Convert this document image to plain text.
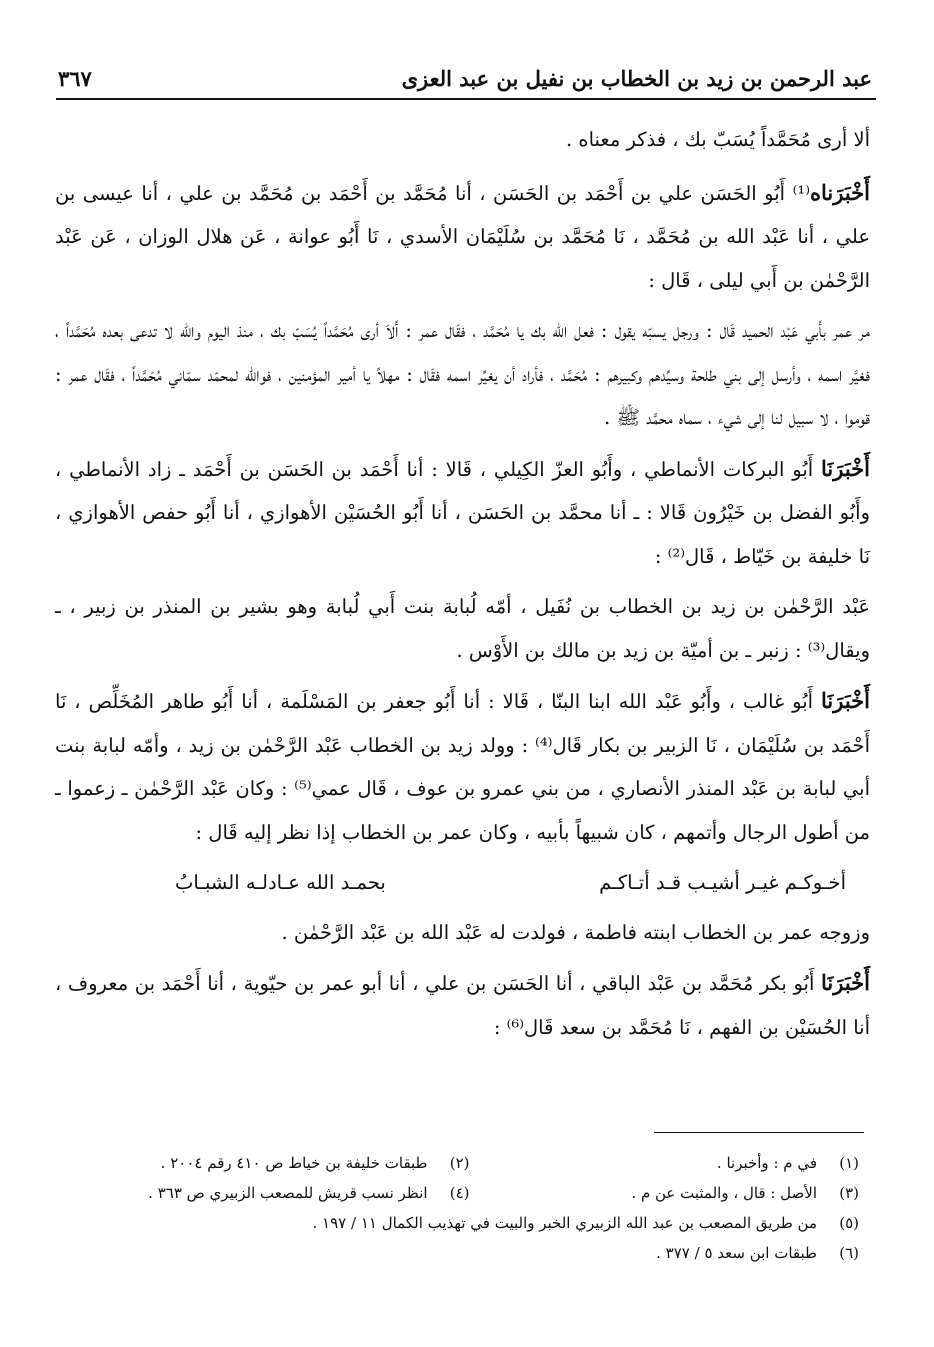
عبد الرحمن بن زيد بن الخطاب بن نفيل بن عبد العزى
٣٦٧

ألا أرى مُحَمَّداً يُسَبّ بك ، فذكر معناه .

أَخْبَرَناه⁽¹⁾ أَبُو الحَسَن علي بن أَحْمَد بن الحَسَن ، أنا مُحَمَّد بن أَحْمَد بن مُحَمَّد بن علي ، أنا عيسى بن علي ، أنا عَبْد الله بن مُحَمَّد ، نَا مُحَمَّد بن سُلَيْمَان الأسدي ، نَا أَبُو عوانة ، عَن هلال الوزان ، عَن عَبْد الرَّحْمٰن بن أَبي ليلى ، قَال :

مر عمر بأَبي عَبْد الحميد قَال : ورجل يسبّه يقول : فعل الله بك يا مُحَمَّد ، فقَال عمر : أَلاَ أرى مُحَمَّداً يُسَبّ بك ، منذ اليوم والله لا تدعى بعده مُحَمَّداً ، فغيَّر اسمه ، وأرسل إلى بني طلحة وسيِّدهم وكبيرهم : مُحَمَّد ، فأراد أن يغيِّر اسمه فقَال : مهلاً يا أمير المؤمنين ، فوالله لمحمّد سمّاني مُحَمَّداً ، فقَال عمر : قوموا ، لا سبيل لنا إلى شيء ، سماه محمَّد ﷺ .

أَخْبَرَنَا أَبُو البركات الأنماطي ، وأَبُو العزّ الكِيلي ، قَالا : أنا أَحْمَد بن الحَسَن بن أَحْمَد ـ زاد الأنماطي ، وأَبُو الفضل بن خَيْرُون قَالا : ـ أنا محمَّد بن الحَسَن ، أنا أَبُو الحُسَيْن الأهوازي ، أنا أَبُو حفص الأهوازي ، نَا خليفة بن خَيّاط ، قَال⁽²⁾ :

عَبْد الرَّحْمٰن بن زيد بن الخطاب بن نُفَيل ، أمّه لُبابة بنت أَبي لُبابة وهو بشير بن المنذر بن زبير ، ـ ويقال⁽³⁾ : زنبر ـ بن أميّة بن زيد بن مالك بن الأَوْس .

أَخْبَرَنَا أَبُو غالب ، وأَبُو عَبْد الله ابنا البنّا ، قَالا : أنا أَبُو جعفر بن المَسْلَمة ، أنا أَبُو طاهر المُخَلِّص ، نَا أَحْمَد بن سُلَيْمَان ، نَا الزبير بن بكار قَال⁽⁴⁾ : وولد زيد بن الخطاب عَبْد الرَّحْمٰن بن زيد ، وأمّه لبابة بنت أبي لبابة بن عَبْد المنذر الأنصاري ، من بني عمرو بن عوف ، قَال عمي⁽⁵⁾ : وكان عَبْد الرَّحْمٰن ـ زعموا ـ من أطول الرجال وأتمهم ، كان شبيهاً بأبيه ، وكان عمر بن الخطاب إذا نظر إليه قَال :

أخـوكـم غيـر أشيـب قـد أتـاكـم
بحمـد الله عـادلـه الشبـابُ

وزوجه عمر بن الخطاب ابنته فاطمة ، فولدت له عَبْد الله بن عَبْد الرَّحْمٰن .

أَخْبَرَنَا أَبُو بكر مُحَمَّد بن عَبْد الباقي ، أنا الحَسَن بن علي ، أنا أبو عمر بن حيّوية ، أنا أَحْمَد بن معروف ، أنا الحُسَيْن بن الفهم ، نَا مُحَمَّد بن سعد قَال⁽⁶⁾ :

(١)
في م : وأخبرنا .
(٢)
طبقات خليفة بن خياط ص ٤١٠ رقم ٢٠٠٤ .
(٣)
الأصل : قال ، والمثبت عن م .
(٤)
انظر نسب قريش للمصعب الزبيري ص ٣٦٣ .
(٥)
من طريق المصعب بن عبد الله الزبيري الخبر والبيت في تهذيب الكمال ١١ / ١٩٧ .
(٦)
طبقات ابن سعد ٥ / ٣٧٧ .
